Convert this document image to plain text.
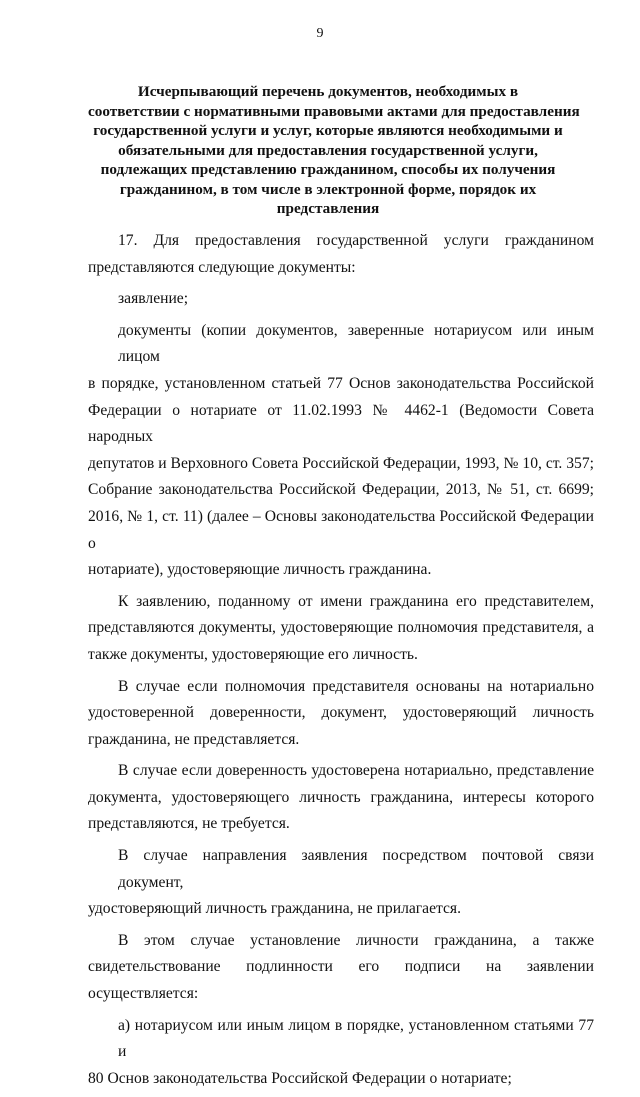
9
Исчерпывающий перечень документов, необходимых в
соответствии с нормативными правовыми актами для предоставления
государственной услуги и услуг, которые являются необходимыми и
обязательными для предоставления государственной услуги,
подлежащих представлению гражданином, способы их получения
гражданином, в том числе в электронной форме, порядок их
представления
17. Для предоставления государственной услуги гражданином
представляются следующие документы:
заявление;
документы (копии документов, заверенные нотариусом или иным лицом
в порядке, установленном статьей 77 Основ законодательства Российской
Федерации о нотариате от 11.02.1993 № 4462-1 (Ведомости Совета народных
депутатов и Верховного Совета Российской Федерации, 1993, № 10, ст. 357;
Собрание законодательства Российской Федерации, 2013, № 51, ст. 6699;
2016, № 1, ст. 11) (далее – Основы законодательства Российской Федерации о
нотариате), удостоверяющие личность гражданина.
К заявлению, поданному от имени гражданина его представителем,
представляются документы, удостоверяющие полномочия представителя, а
также документы, удостоверяющие его личность.
В случае если полномочия представителя основаны на нотариально
удостоверенной доверенности, документ, удостоверяющий личность
гражданина, не представляется.
В случае если доверенность удостоверена нотариально, представление
документа, удостоверяющего личность гражданина, интересы которого
представляются, не требуется.
В случае направления заявления посредством почтовой связи документ,
удостоверяющий личность гражданина, не прилагается.
В этом случае установление личности гражданина, а также
свидетельствование подлинности его подписи на заявлении осуществляется:
а) нотариусом или иным лицом в порядке, установленном статьями 77 и
80 Основ законодательства Российской Федерации о нотариате;
